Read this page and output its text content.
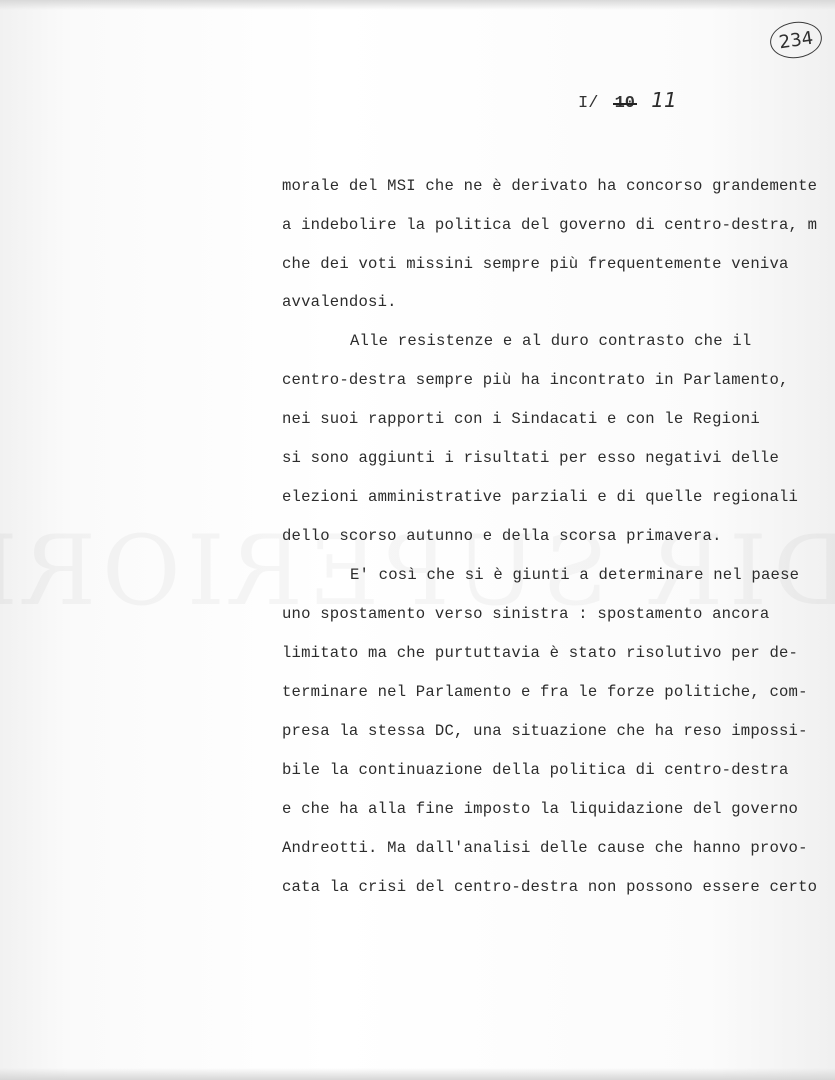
234
I/ 10 11
morale del MSI che ne è derivato ha concorso grandemente
a indebolire la politica del governo di centro-destra, m
che dei voti missini sempre più frequentemente veniva
avvalendosi.
Alle resistenze e al duro contrasto che il
centro-destra sempre più ha incontrato in Parlamento,
nei suoi rapporti con i Sindacati e con le Regioni
si sono aggiunti i risultati per esso negativi delle
elezioni amministrative parziali e di quelle regionali
dello scorso autunno e della scorsa primavera.
E' così che si è giunti a determinare nel paese
uno spostamento verso sinistra : spostamento ancora
limitato ma che purtuttavia è stato risolutivo per de-
terminare nel Parlamento e fra le forze politiche, com-
presa la stessa DC, una situazione che ha reso impossi-
bile la continuazione della politica di centro-destra
e che ha alla fine imposto la liquidazione del governo
Andreotti. Ma dall'analisi delle cause che hanno provo-
cata la crisi del centro-destra non possono essere certo
